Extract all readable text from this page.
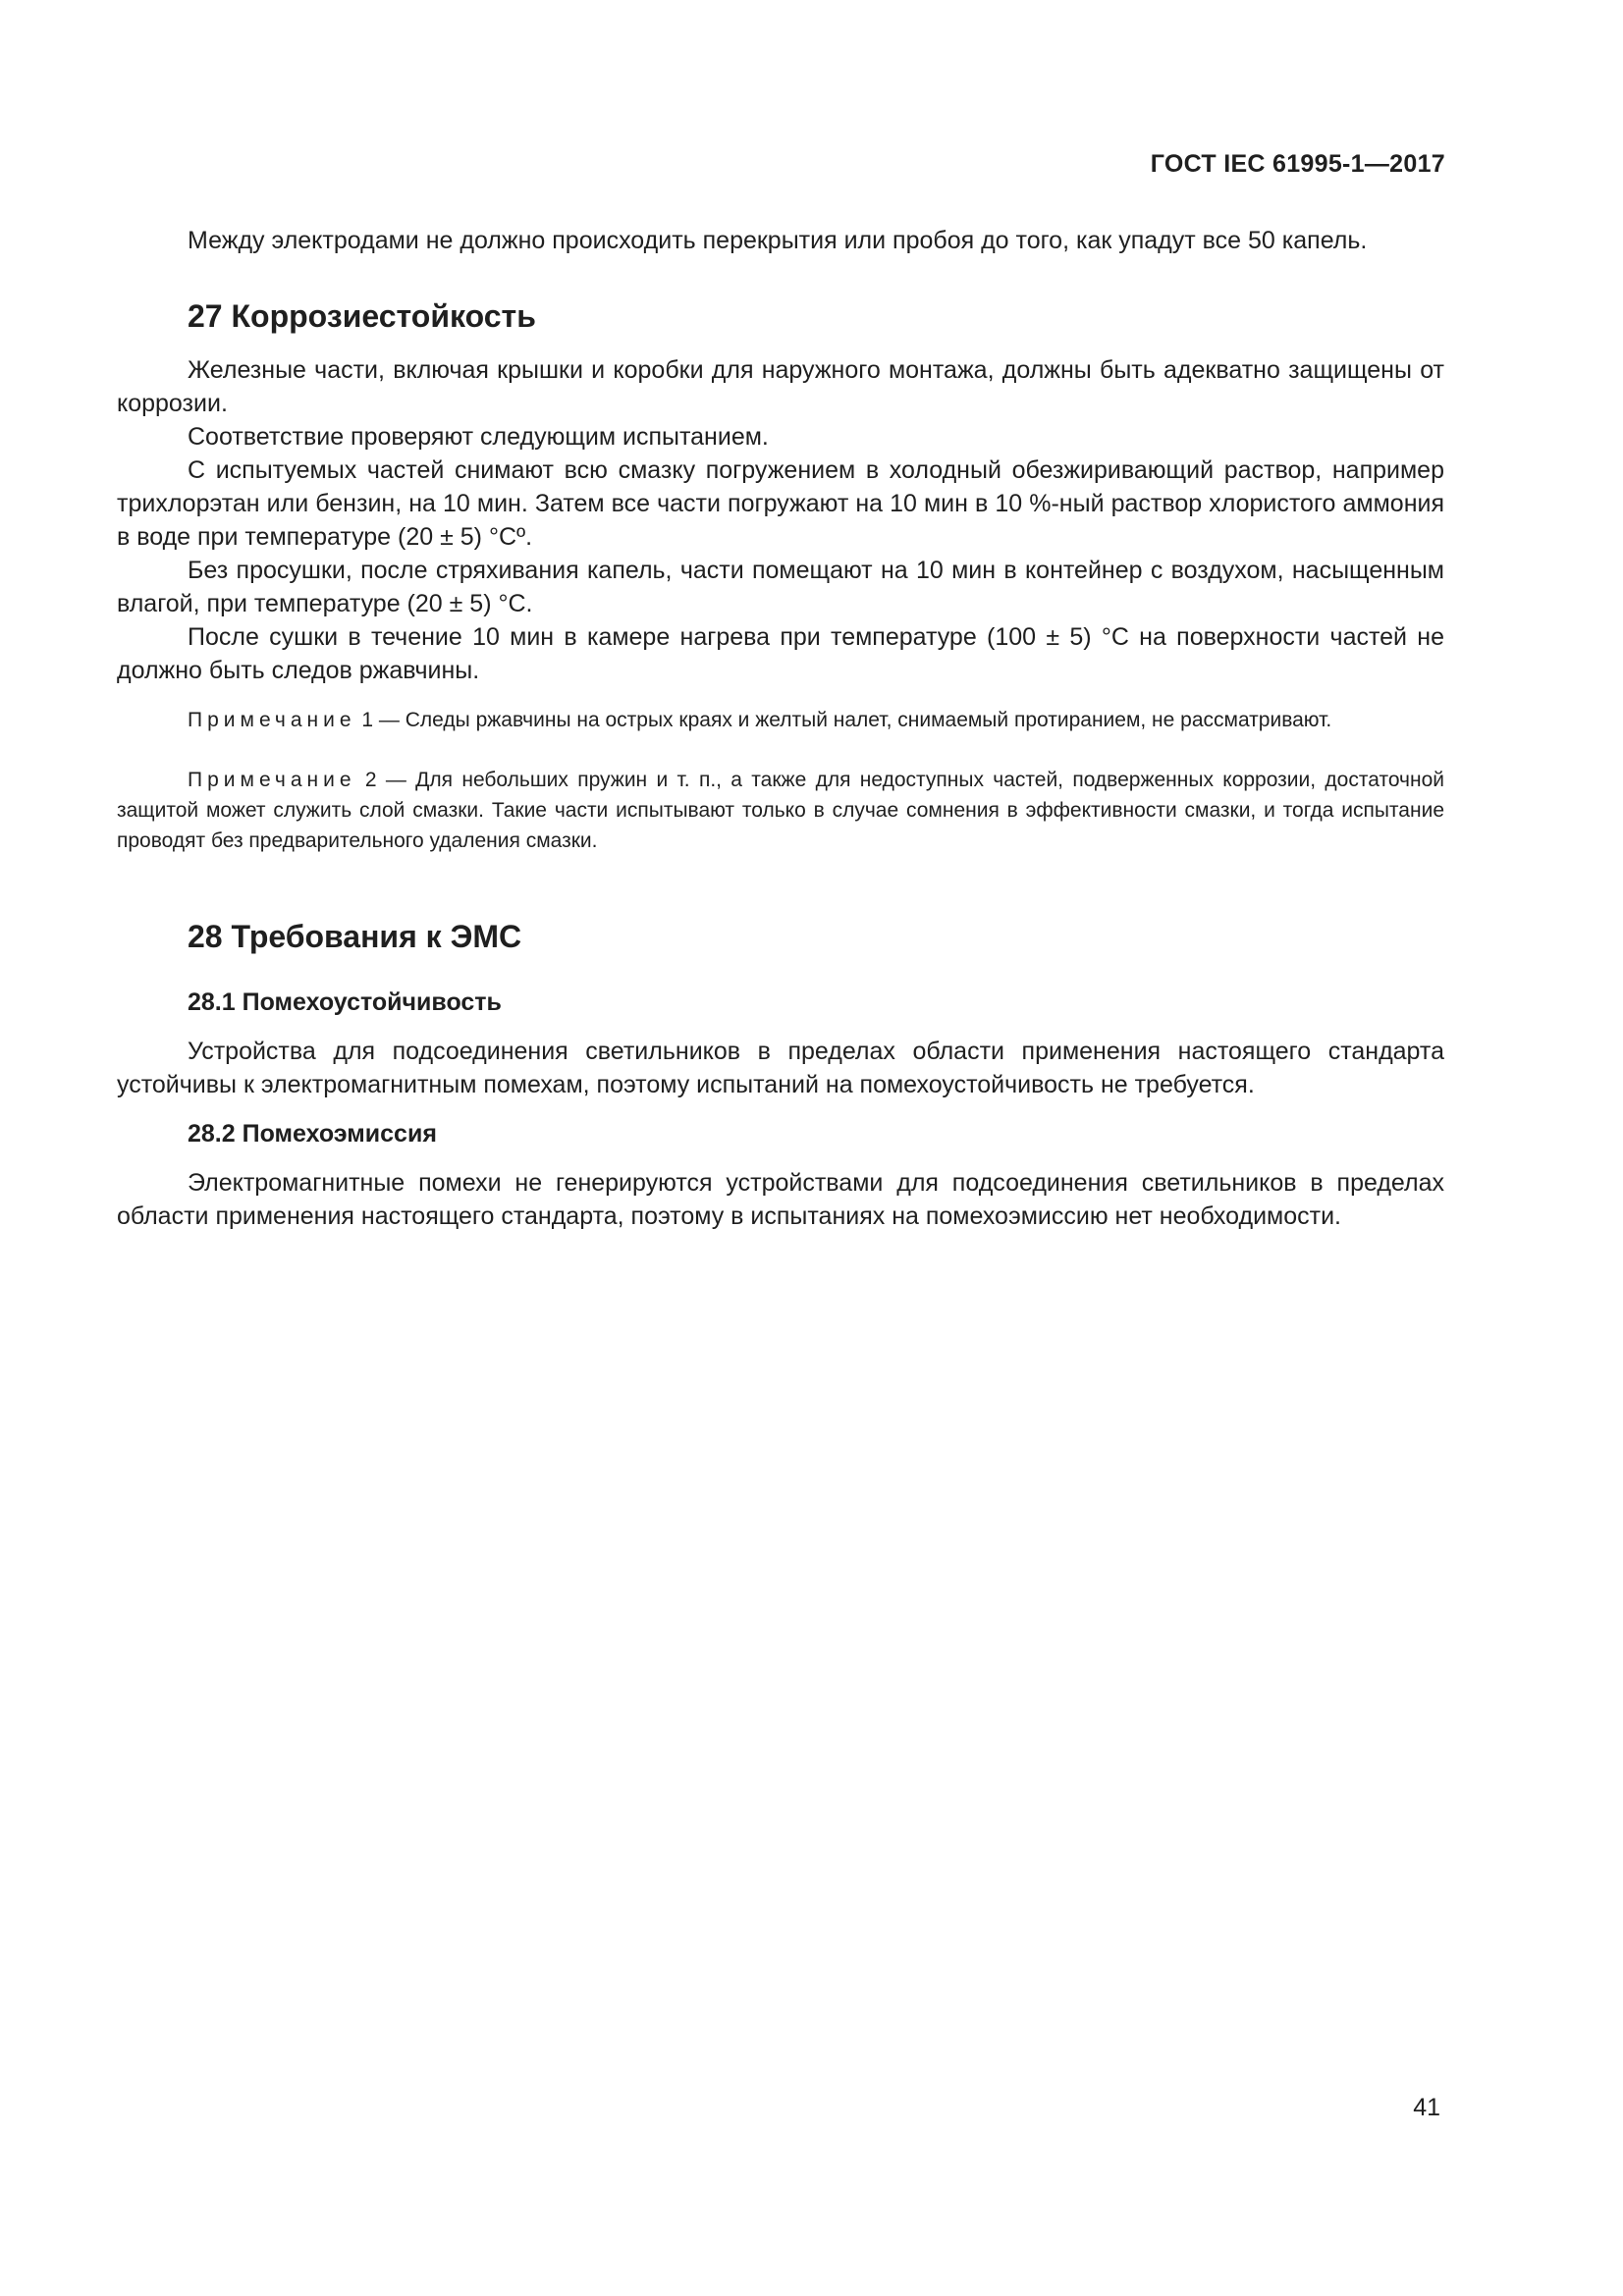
ГОСТ IEC 61995-1—2017

Между электродами не должно происходить перекрытия или пробоя до того, как упадут все 50 капель.

27 Коррозиестойкость

Железные части, включая крышки и коробки для наружного монтажа, должны быть адекватно защищены от коррозии.

Соответствие проверяют следующим испытанием.

С испытуемых частей снимают всю смазку погружением в холодный обезжиривающий раствор, например трихлорэтан или бензин, на 10 мин. Затем все части погружают на 10 мин в 10 %-ный раствор хлористого аммония в воде при температуре (20 ± 5) °Cº.

Без просушки, после стряхивания капель, части помещают на 10 мин в контейнер с воздухом, насыщенным влагой, при температуре (20 ± 5) °С.

После сушки в течение 10 мин в камере нагрева при температуре (100 ± 5) °С на поверхности частей не должно быть следов ржавчины.

Примечание 1 — Следы ржавчины на острых краях и желтый налет, снимаемый протиранием, не рассматривают.
Примечание 2 — Для небольших пружин и т. п., а также для недоступных частей, подверженных коррозии, достаточной защитой может служить слой смазки. Такие части испытывают только в случае сомнения в эффективности смазки, и тогда испытание проводят без предварительного удаления смазки.
28 Требования к ЭМС
28.1 Помехоустойчивость

Устройства для подсоединения светильников в пределах области применения настоящего стандарта устойчивы к электромагнитным помехам, поэтому испытаний на помехоустойчивость не требуется.

28.2 Помехоэмиссия

Электромагнитные помехи не генерируются устройствами для подсоединения светильников в пределах области применения настоящего стандарта, поэтому в испытаниях на помехоэмиссию нет необходимости.

41
